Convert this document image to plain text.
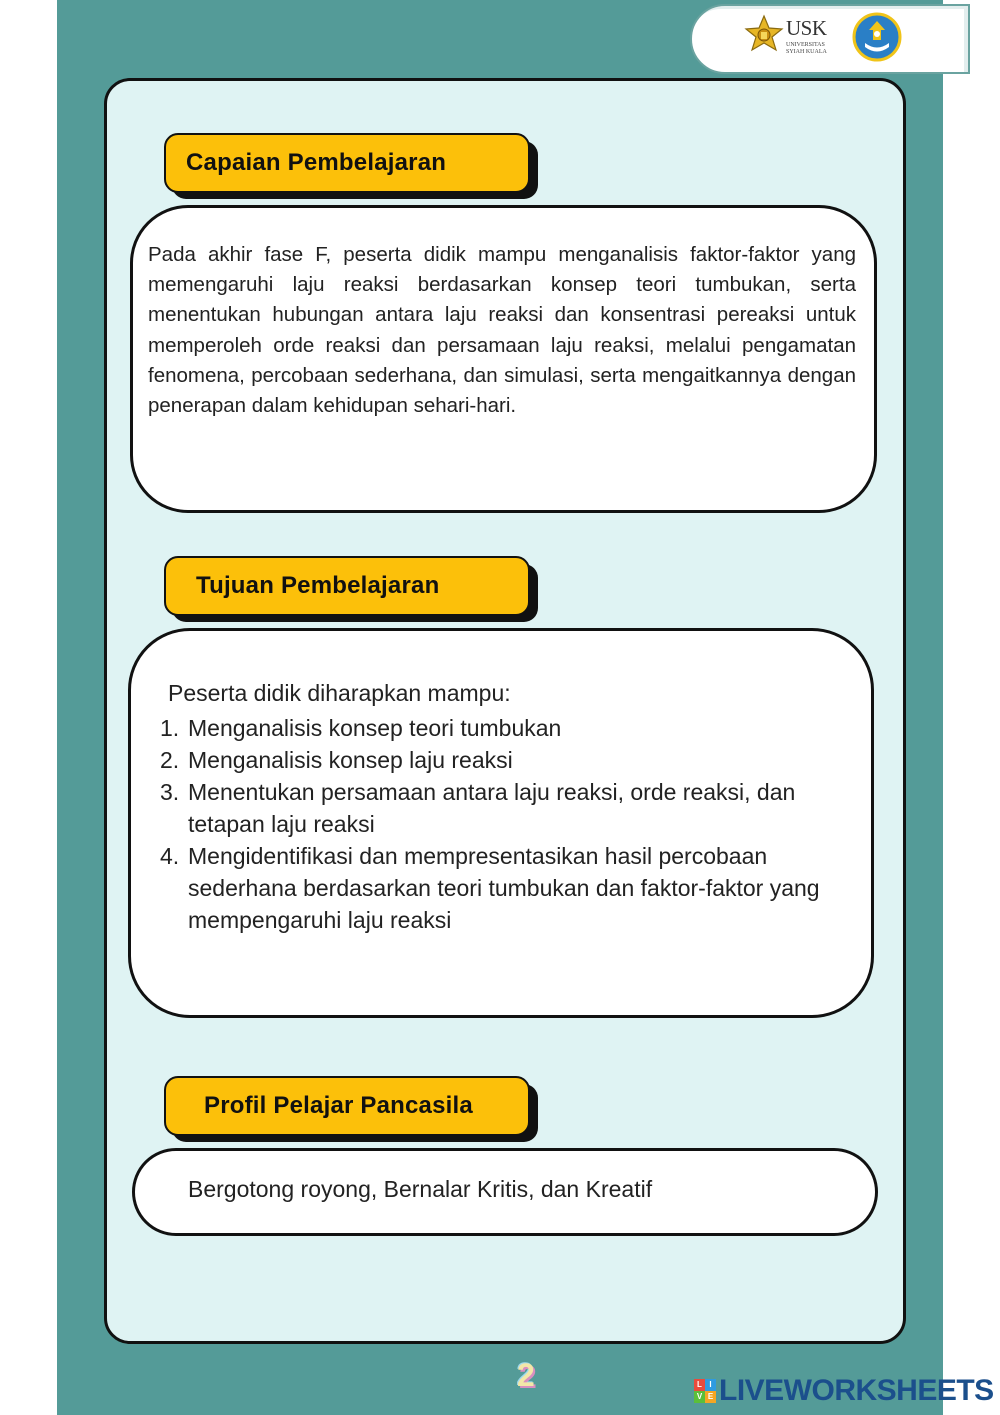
USK
UNIVERSITAS SYIAH KUALA
Capaian Pembelajaran
Pada akhir fase F, peserta didik mampu menganalisis faktor-faktor yang memengaruhi laju reaksi berdasarkan konsep teori tumbukan, serta menentukan hubungan antara laju reaksi dan konsentrasi pereaksi untuk memperoleh orde reaksi dan persamaan laju reaksi, melalui pengamatan fenomena, percobaan sederhana, dan simulasi, serta mengaitkannya dengan penerapan dalam kehidupan sehari-hari.
Tujuan Pembelajaran
Peserta didik diharapkan mampu:
1. Menganalisis konsep teori tumbukan
2. Menganalisis konsep laju reaksi
3. Menentukan persamaan antara laju reaksi, orde reaksi, dan tetapan laju reaksi
4. Mengidentifikasi dan mempresentasikan hasil percobaan sederhana berdasarkan teori tumbukan dan faktor-faktor yang mempengaruhi laju reaksi
Profil Pelajar Pancasila
Bergotong royong, Bernalar Kritis, dan Kreatif
2	L I
V E LIVEWORKSHEETS
